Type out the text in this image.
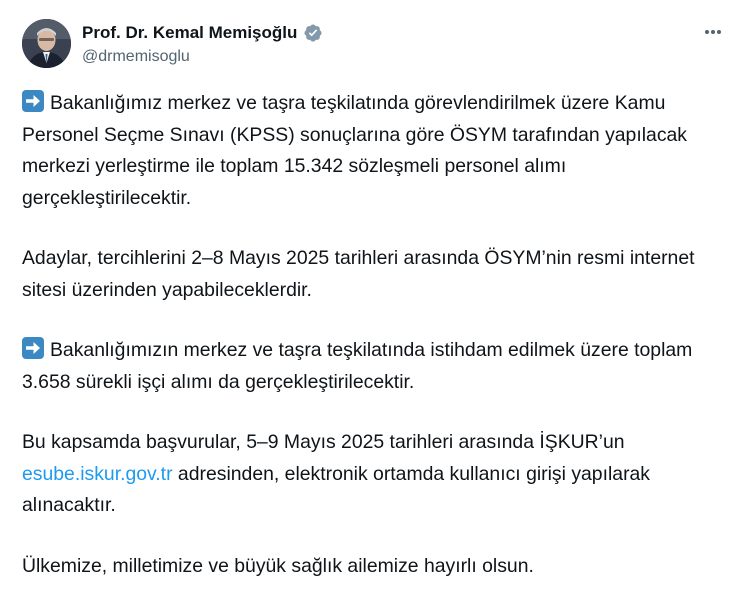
Prof. Dr. Kemal Memişoğlu
@drmemisoglu

Bakanlığımız merkez ve taşra teşkilatında görevlendirilmek üzere Kamu Personel Seçme Sınavı (KPSS) sonuçlarına göre ÖSYM tarafından yapılacak merkezi yerleştirme ile toplam 15.342 sözleşmeli personel alımı gerçekleştirilecektir.

Adaylar, tercihlerini 2–8 Mayıs 2025 tarihleri arasında ÖSYM’nin resmi internet sitesi üzerinden yapabileceklerdir.

Bakanlığımızın merkez ve taşra teşkilatında istihdam edilmek üzere toplam 3.658 sürekli işçi alımı da gerçekleştirilecektir.

Bu kapsamda başvurular, 5–9 Mayıs 2025 tarihleri arasında İŞKUR’un esube.iskur.gov.tr adresinden, elektronik ortamda kullanıcı girişi yapılarak alınacaktır.

Ülkemize, milletimize ve büyük sağlık ailemize hayırlı olsun.
